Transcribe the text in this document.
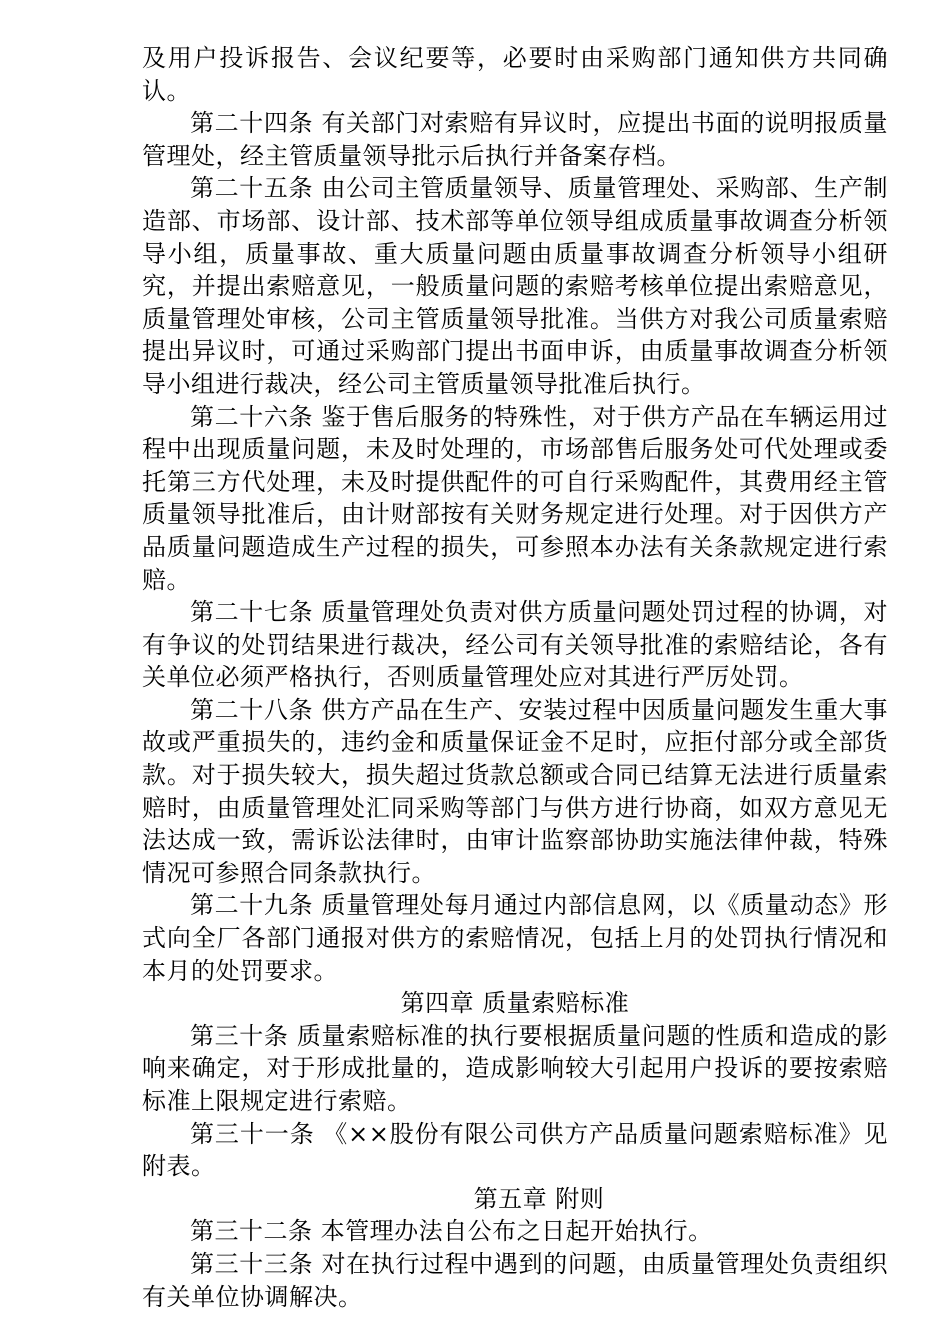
及用户投诉报告、会议纪要等，必要时由采购部门通知供方共同确认。

第二十四条 有关部门对索赔有异议时，应提出书面的说明报质量管理处，经主管质量领导批示后执行并备案存档。

第二十五条 由公司主管质量领导、质量管理处、采购部、生产制造部、市场部、设计部、技术部等单位领导组成质量事故调查分析领导小组，质量事故、重大质量问题由质量事故调查分析领导小组研究，并提出索赔意见，一般质量问题的索赔考核单位提出索赔意见，质量管理处审核，公司主管质量领导批准。当供方对我公司质量索赔提出异议时，可通过采购部门提出书面申诉，由质量事故调查分析领导小组进行裁决，经公司主管质量领导批准后执行。

第二十六条 鉴于售后服务的特殊性，对于供方产品在车辆运用过程中出现质量问题，未及时处理的，市场部售后服务处可代处理或委托第三方代处理，未及时提供配件的可自行采购配件，其费用经主管质量领导批准后，由计财部按有关财务规定进行处理。对于因供方产品质量问题造成生产过程的损失，可参照本办法有关条款规定进行索赔。

第二十七条 质量管理处负责对供方质量问题处罚过程的协调，对有争议的处罚结果进行裁决，经公司有关领导批准的索赔结论，各有关单位必须严格执行，否则质量管理处应对其进行严厉处罚。

第二十八条 供方产品在生产、安装过程中因质量问题发生重大事故或严重损失的，违约金和质量保证金不足时，应拒付部分或全部货款。对于损失较大，损失超过货款总额或合同已结算无法进行质量索赔时，由质量管理处汇同采购等部门与供方进行协商，如双方意见无法达成一致，需诉讼法律时，由审计监察部协助实施法律仲裁，特殊情况可参照合同条款执行。

第二十九条 质量管理处每月通过内部信息网，以《质量动态》形式向全厂各部门通报对供方的索赔情况，包括上月的处罚执行情况和本月的处罚要求。

第四章 质量索赔标准

第三十条 质量索赔标准的执行要根据质量问题的性质和造成的影响来确定，对于形成批量的，造成影响较大引起用户投诉的要按索赔标准上限规定进行索赔。

第三十一条 《××股份有限公司供方产品质量问题索赔标准》见附表。

第五章 附则

第三十二条 本管理办法自公布之日起开始执行。

第三十三条 对在执行过程中遇到的问题，由质量管理处负责组织有关单位协调解决。
